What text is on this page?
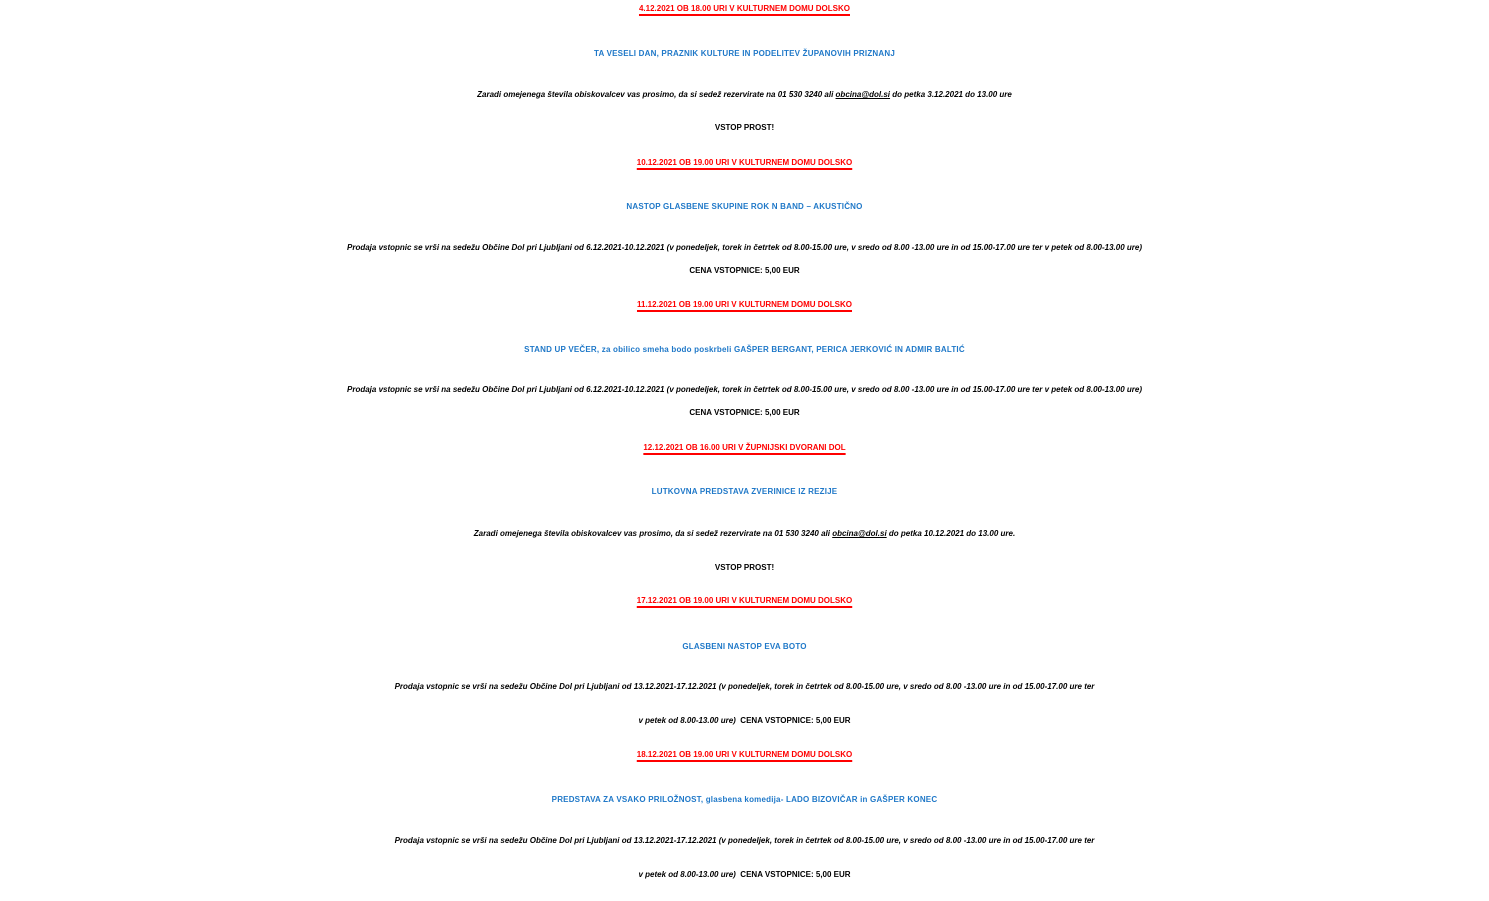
4.12.2021 OB 18.00 URI V KULTURNEM DOMU DOLSKO
TA VESELI DAN, PRAZNIK KULTURE IN PODELITEV ŽUPANOVIH PRIZNANJ
Zaradi omejenega števila obiskovalcev vas prosimo, da si sedež rezervirate na 01 530 3240 ali obcina@dol.si do petka 3.12.2021 do 13.00 ure
VSTOP PROST!
10.12.2021 OB 19.00 URI V KULTURNEM DOMU DOLSKO
NASTOP GLASBENE SKUPINE ROK N BAND – AKUSTIČNO
Prodaja vstopnic se vrši na sedežu Občine Dol pri Ljubljani od 6.12.2021-10.12.2021 (v ponedeljek, torek in četrtek od 8.00-15.00 ure, v sredo od 8.00 -13.00 ure in od 15.00-17.00 ure ter v petek od 8.00-13.00 ure)
CENA VSTOPNICE: 5,00 EUR
11.12.2021 OB 19.00 URI V KULTURNEM DOMU DOLSKO
STAND UP VEČER, za obilico smeha bodo poskrbeli GAŠPER BERGANT, PERICA JERKOVIĆ IN ADMIR BALTIĆ
Prodaja vstopnic se vrši na sedežu Občine Dol pri Ljubljani od 6.12.2021-10.12.2021 (v ponedeljek, torek in četrtek od 8.00-15.00 ure, v sredo od 8.00 -13.00 ure in od 15.00-17.00 ure ter v petek od 8.00-13.00 ure)
CENA VSTOPNICE: 5,00 EUR
12.12.2021 OB 16.00 URI V ŽUPNIJSKI DVORANI DOL
LUTKOVNA PREDSTAVA ZVERINICE IZ REZIJE
Zaradi omejenega števila obiskovalcev vas prosimo, da si sedež rezervirate na 01 530 3240 ali obcina@dol.si do petka 10.12.2021 do 13.00 ure.
VSTOP PROST!
17.12.2021 OB 19.00 URI V KULTURNEM DOMU DOLSKO
GLASBENI NASTOP EVA BOTO
Prodaja vstopnic se vrši na sedežu Občine Dol pri Ljubljani od 13.12.2021-17.12.2021 (v ponedeljek, torek in četrtek od 8.00-15.00 ure, v sredo od 8.00 -13.00 ure in od 15.00-17.00 ure ter
v petek od 8.00-13.00 ure) CENA VSTOPNICE: 5,00 EUR
18.12.2021 OB 19.00 URI V KULTURNEM DOMU DOLSKO
PREDSTAVA ZA VSAKO PRILOŽNOST, glasbena komedija- LADO BIZOVIČAR in GAŠPER KONEC
Prodaja vstopnic se vrši na sedežu Občine Dol pri Ljubljani od 13.12.2021-17.12.2021 (v ponedeljek, torek in četrtek od 8.00-15.00 ure, v sredo od 8.00 -13.00 ure in od 15.00-17.00 ure ter
v petek od 8.00-13.00 ure) CENA VSTOPNICE: 5,00 EUR
